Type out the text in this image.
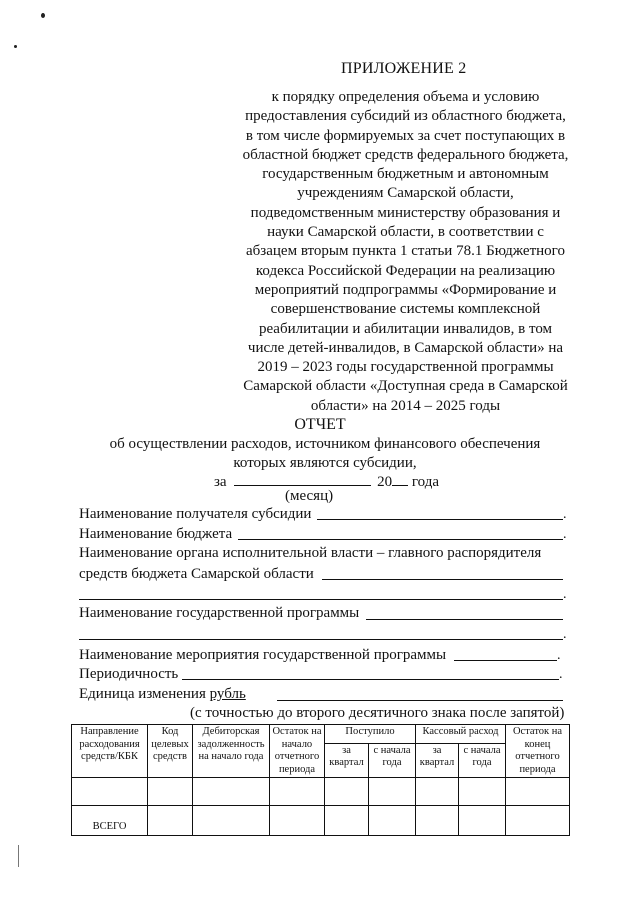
ПРИЛОЖЕНИЕ 2
к порядку определения объема и условию
предоставления субсидий из областного бюджета,
в том числе формируемых за счет поступающих в
областной бюджет средств федерального бюджета,
государственным бюджетным и автономным
учреждениям Самарской области,
подведомственным министерству образования и
науки Самарской области, в соответствии с
абзацем вторым пункта 1 статьи 78.1 Бюджетного
кодекса Российской Федерации на реализацию
мероприятий подпрограммы «Формирование и
совершенствование системы комплексной
реабилитации и абилитации инвалидов, в том
числе детей-инвалидов, в Самарской области» на
2019 – 2023 годы государственной программы
Самарской области «Доступная среда в Самарской
области» на 2014 – 2025 годы
ОТЧЕТ
об осуществлении расходов, источником финансового обеспечения
которых являются субсидии,
за	20 года
(месяц)
Наименование получателя субсидии	.
Наименование бюджета	.
Наименование органа исполнительной власти – главного распорядителя
средств бюджета Самарской области
.
Наименование государственной программы
.
Наименование мероприятия государственной программы	.
Периодичность	.
Единица изменения рубль
(с точностью до второго десятичного знака после запятой)
Направление расходования средств/КБК	Код целевых средств	Дебиторская задолженность на начало года	Остаток на начало отчетного периода	Поступило		Кассовый расход		Остаток на конец отчетного периода
				за квартал	с начала года	за квартал	с начала года	

ВСЕГО								
